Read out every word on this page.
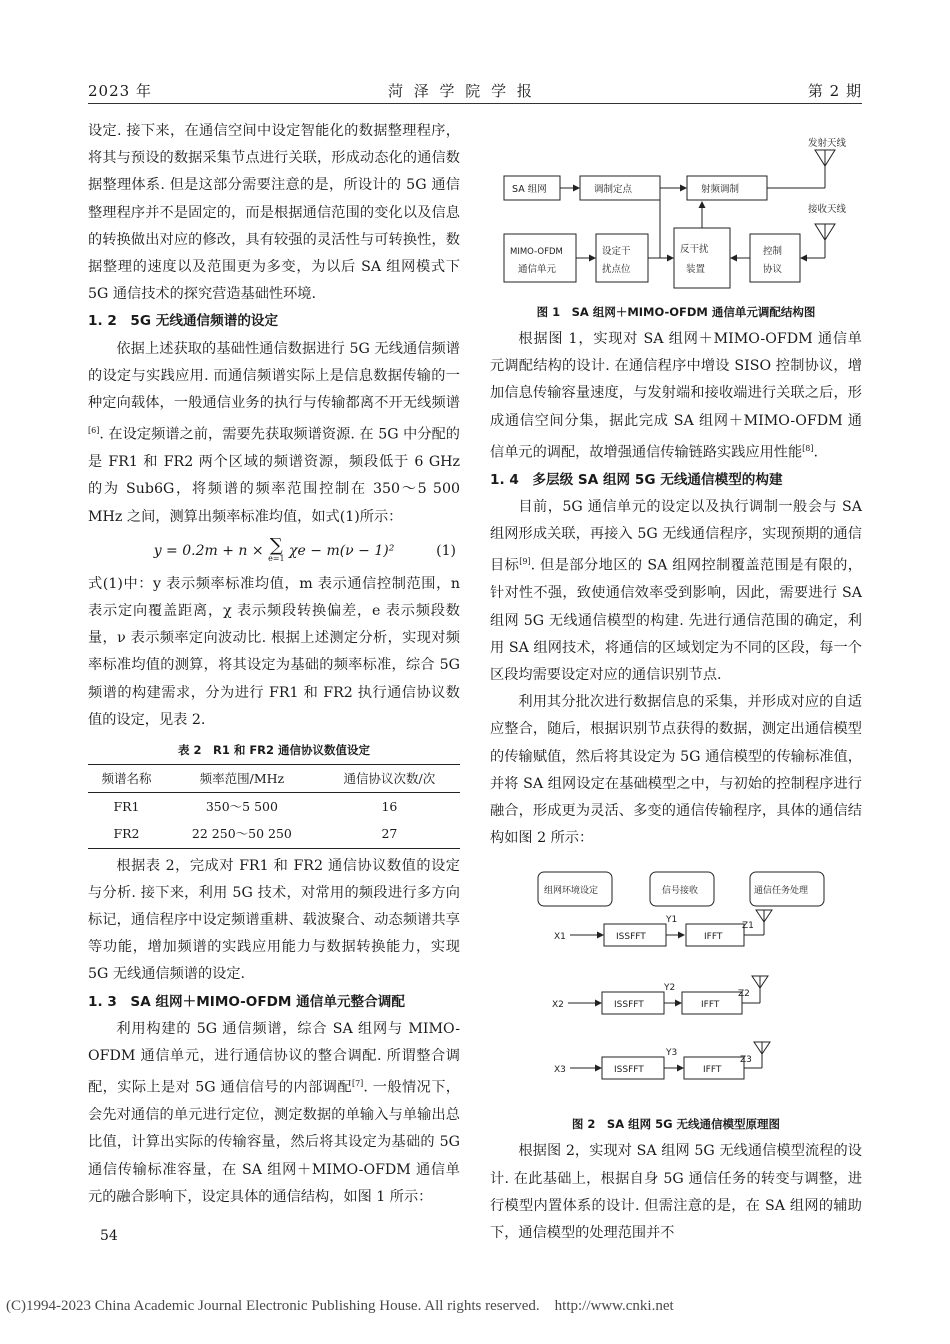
2023 年	菏 泽 学 院 学 报	第 2 期

设定. 接下来，在通信空间中设定智能化的数据整理程序，将其与预设的数据采集节点进行关联，形成动态化的通信数据整理体系. 但是这部分需要注意的是，所设计的 5G 通信整理程序并不是固定的，而是根据通信范围的变化以及信息的转换做出对应的修改，具有较强的灵活性与可转换性，数据整理的速度以及范围更为多变，为以后 SA 组网模式下 5G 通信技术的探究营造基础性环境.

1. 2　5G 无线通信频谱的设定

依据上述获取的基础性通信数据进行 5G 无线通信频谱的设定与实践应用. 而通信频谱实际上是信息数据传输的一种定向载体，一般通信业务的执行与传输都离不开无线频谱[6]. 在设定频谱之前，需要先获取频谱资源. 在 5G 中分配的是 FR1 和 FR2 两个区域的频谱资源，频段低于 6 GHz 的为 Sub6G，将频谱的频率范围控制在 350～5 500 MHz 之间，测算出频率标准均值，如式(1)所示：

y = 0.2m + n × ∑
e=1 χe − m(ν − 1)²	(1)

式(1)中：y 表示频率标准均值，m 表示通信控制范围，n 表示定向覆盖距离，χ 表示频段转换偏差，e 表示频段数量，ν 表示频率定向波动比. 根据上述测定分析，实现对频率标准均值的测算，将其设定为基础的频率标准，综合 5G 频谱的构建需求，分为进行 FR1 和 FR2 执行通信协议数值的设定，见表 2.

表 2　R1 和 FR2 通信协议数值设定
频谱名称	频率范围/MHz	通信协议次数/次
FR1	350～5 500	16
FR2	22 250～50 250	27

根据表 2，完成对 FR1 和 FR2 通信协议数值的设定与分析. 接下来，利用 5G 技术，对常用的频段进行多方向标记，通信程序中设定频谱重耕、载波聚合、动态频谱共享等功能，增加频谱的实践应用能力与数据转换能力，实现 5G 无线通信频谱的设定.

1. 3　SA 组网＋MIMO-OFDM 通信单元整合调配

利用构建的 5G 通信频谱，综合 SA 组网与 MIMO-OFDM 通信单元，进行通信协议的整合调配. 所谓整合调配，实际上是对 5G 通信信号的内部调配[7]. 一般情况下，会先对通信的单元进行定位，测定数据的单输入与单输出总比值，计算出实际的传输容量，然后将其设定为基础的 5G 通信传输标准容量，在 SA 组网＋MIMO-OFDM 通信单元的融合影响下，设定具体的通信结构，如图 1 所示：

54
发射天线
SA 组网	调制定点	射频调制
接收天线
MIMO-OFDM
通信单元
设定干
扰点位
反干扰
装置
控制
协议
图 1　SA 组网＋MIMO-OFDM 通信单元调配结构图

根据图 1，实现对 SA 组网＋MIMO-OFDM 通信单元调配结构的设计. 在通信程序中增设 SISO 控制协议，增加信息传输容量速度，与发射端和接收端进行关联之后，形成通信空间分集，据此完成 SA 组网＋MIMO-OFDM 通信单元的调配，故增强通信传输链路实践应用性能[8].

1. 4　多层级 SA 组网 5G 无线通信模型的构建

目前，5G 通信单元的设定以及执行调制一般会与 SA 组网形成关联，再接入 5G 无线通信程序，实现预期的通信目标[9]. 但是部分地区的 SA 组网控制覆盖范围是有限的，针对性不强，致使通信效率受到影响，因此，需要进行 SA 组网 5G 无线通信模型的构建. 先进行通信范围的确定，利用 SA 组网技术，将通信的区域划定为不同的区段，每一个区段均需要设定对应的通信识别节点.

利用其分批次进行数据信息的采集，并形成对应的自适应整合，随后，根据识别节点获得的数据，测定出通信模型的传输赋值，然后将其设定为 5G 通信模型的传输标准值，并将 SA 组网设定在基础模型之中，与初始的控制程序进行融合，形成更为灵活、多变的通信传输程序，具体的通信结构如图 2 所示：

组网环境设定	信号接收	通信任务处理
X1	ISSFFT
Y1
IFFT
Z1
X2	ISSFFT
Y2
IFFT
Z2
X3	ISSFFT
Y3
IFFT
Z3
图 2　SA 组网 5G 无线通信模型原理图

根据图 2，实现对 SA 组网 5G 无线通信模型流程的设计. 在此基础上，根据自身 5G 通信任务的转变与调整，进行模型内置体系的设计. 但需注意的是，在 SA 组网的辅助下，通信模型的处理范围并不

(C)1994-2023 China Academic Journal Electronic Publishing House. All rights reserved. http://www.cnki.net
